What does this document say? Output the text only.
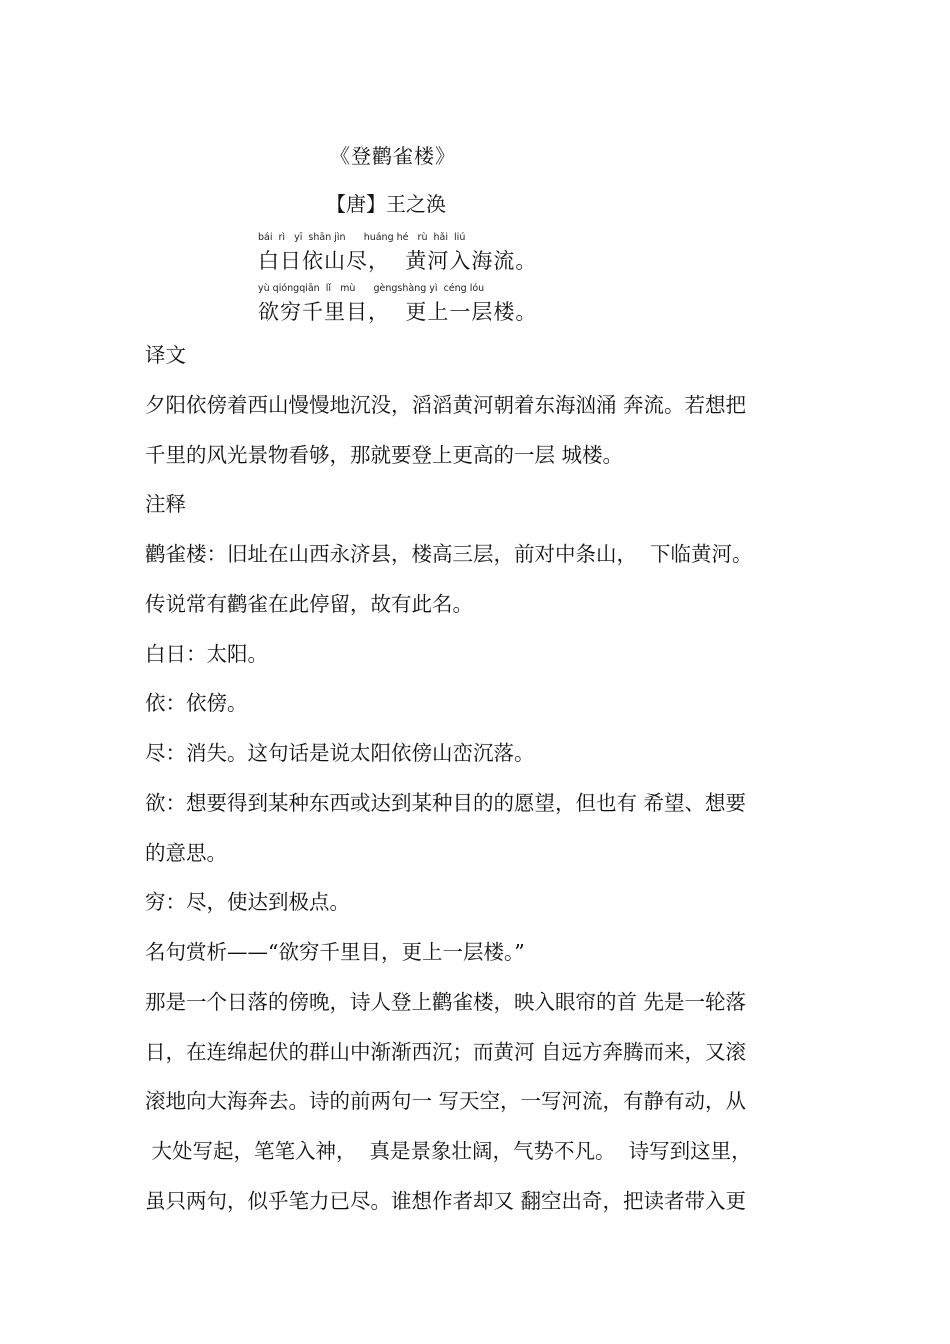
《登鹳雀楼》
【唐】王之涣
bái  rì   yī  shān jìn      huáng hé   rù  hǎi  liú
白日依山尽，  黄河入海流。
yù qióngqiān  lǐ   mù      gèngshàng yì  céng lóu
欲穷千里目，  更上一层楼。
译文
夕阳依傍着西山慢慢地沉没，滔滔黄河朝着东海汹涌 奔流。若想把
千里的风光景物看够，那就要登上更高的一层 城楼。
注释
鹳雀楼：旧址在山西永济县，楼高三层，前对中条山，  下临黄河。
传说常有鹳雀在此停留，故有此名。
白日：太阳。
依：依傍。
尽：消失。这句话是说太阳依傍山峦沉落。
欲：想要得到某种东西或达到某种目的的愿望，但也有 希望、想要
的意思。
穷：尽，使达到极点。
名句赏析——“欲穷千里目，更上一层楼。”
那是一个日落的傍晚，诗人登上鹳雀楼，映入眼帘的首 先是一轮落
日，在连绵起伏的群山中渐渐西沉；而黄河 自远方奔腾而来，又滚
滚地向大海奔去。诗的前两句一 写天空，一写河流，有静有动，从
大处写起，笔笔入神，  真是景象壮阔，气势不凡。  诗写到这里，
虽只两句，似乎笔力已尽。谁想作者却又 翻空出奇，把读者带入更
